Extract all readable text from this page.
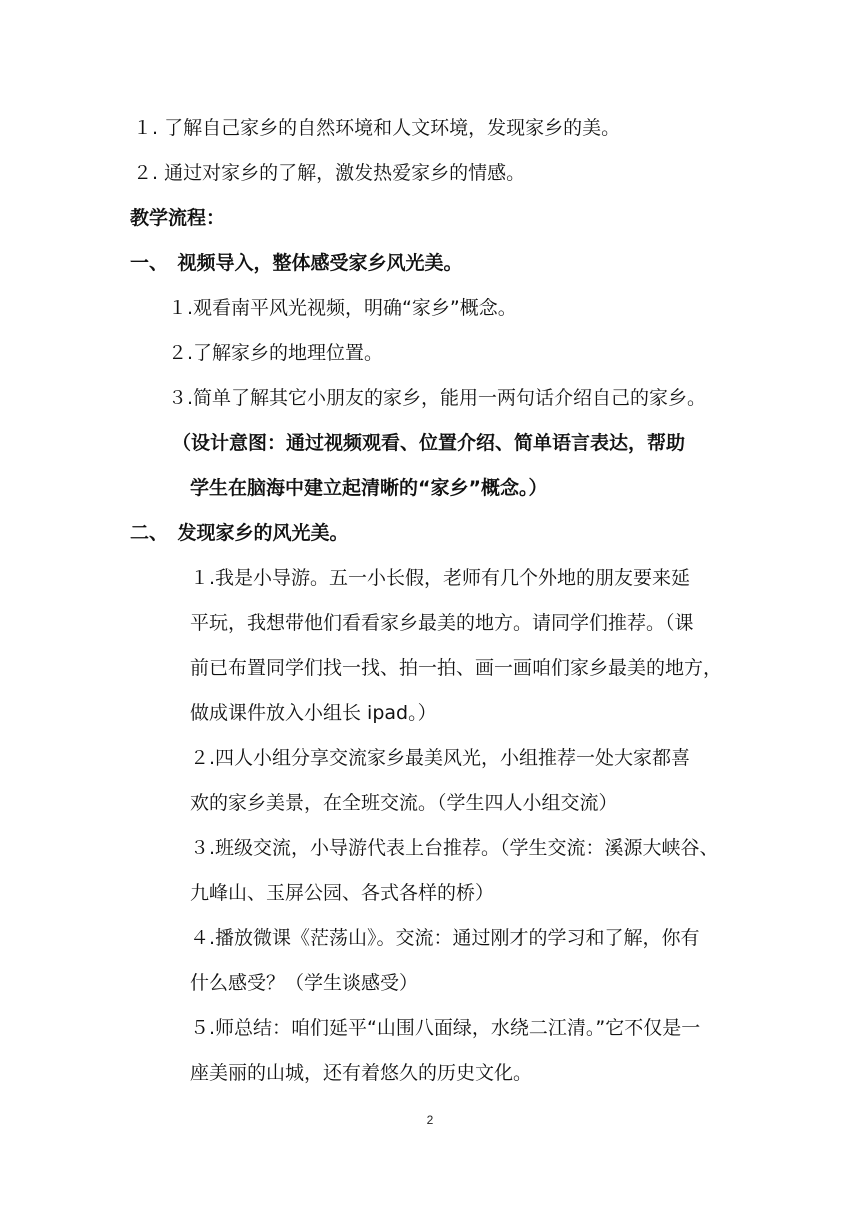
１. 了解自己家乡的自然环境和人文环境，发现家乡的美。

２. 通过对家乡的了解，激发热爱家乡的情感。

教学流程：

一、　视频导入，整体感受家乡风光美。

１.观看南平风光视频，明确“家乡”概念。

２.了解家乡的地理位置。

３.简单了解其它小朋友的家乡，能用一两句话介绍自己的家乡。

（设计意图：通过视频观看、位置介绍、简单语言表达，帮助

学生在脑海中建立起清晰的“家乡”概念。）

二、　发现家乡的风光美。

１.我是小导游。五一小长假，老师有几个外地的朋友要来延

平玩，我想带他们看看家乡最美的地方。请同学们推荐。（课

前已布置同学们找一找、拍一拍、画一画咱们家乡最美的地方，

做成课件放入小组长 ipad。）

２.四人小组分享交流家乡最美风光，小组推荐一处大家都喜

欢的家乡美景，在全班交流。（学生四人小组交流）

３.班级交流，小导游代表上台推荐。（学生交流：溪源大峡谷、

九峰山、玉屏公园、各式各样的桥）

４.播放微课《茫荡山》。交流：通过刚才的学习和了解，你有

什么感受？（学生谈感受）

５.师总结：咱们延平“山围八面绿，水绕二江清。”它不仅是一

座美丽的山城，还有着悠久的历史文化。

2
